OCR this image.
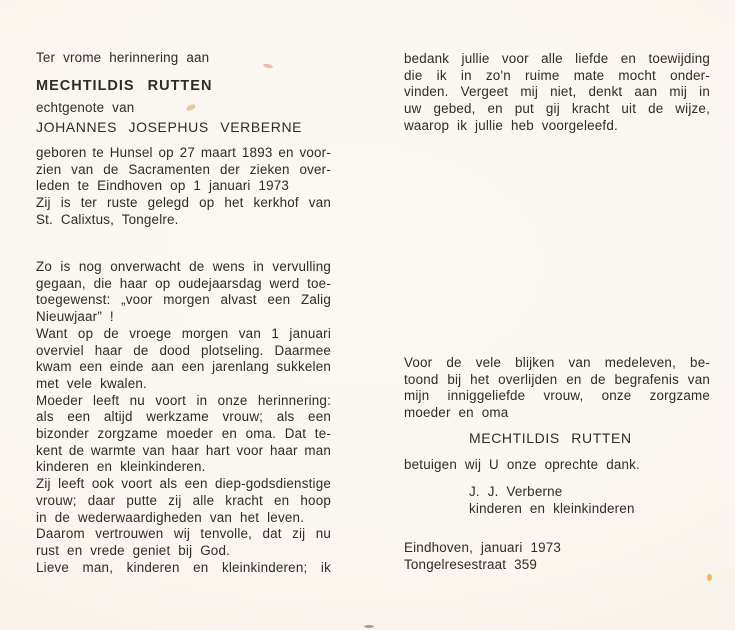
Ter vrome herinnering aan
MECHTILDIS RUTTEN
echtgenote van
JOHANNES JOSEPHUS VERBERNE
geboren te Hunsel op 27 maart 1893 en voor-
zien van de Sacramenten der zieken over-
leden te Eindhoven op 1 januari 1973
Zij is ter ruste gelegd op het kerkhof van
St. Calixtus, Tongelre.
Zo is nog onverwacht de wens in vervulling
gegaan, die haar op oudejaarsdag werd toe-
toegewenst: „voor morgen alvast een Zalig
Nieuwjaar” !
Want op de vroege morgen van 1 januari
overviel haar de dood plotseling. Daarmee
kwam een einde aan een jarenlang sukkelen
met vele kwalen.
Moeder leeft nu voort in onze herinnering:
als een altijd werkzame vrouw; als een
bizonder zorgzame moeder en oma. Dat te-
kent de warmte van haar hart voor haar man
kinderen en kleinkinderen.
Zij leeft ook voort als een diep-godsdienstige
vrouw; daar putte zij alle kracht en hoop
in de wederwaardigheden van het leven.
Daarom vertrouwen wij tenvolle, dat zij nu
rust en vrede geniet bij God.
Lieve man, kinderen en kleinkinderen; ik
bedank jullie voor alle liefde en toewijding
die ik in zo'n ruime mate mocht onder-
vinden. Vergeet mij niet, denkt aan mij in
uw gebed, en put gij kracht uit de wijze,
waarop ik jullie heb voorgeleefd.
Voor de vele blijken van medeleven, be-
toond bij het overlijden en de begrafenis van
mijn inniggeliefde vrouw, onze zorgzame
moeder en oma
MECHTILDIS RUTTEN
betuigen wij U onze oprechte dank.
J. J. Verberne
kinderen en kleinkinderen
Eindhoven, januari 1973
Tongelresestraat 359
